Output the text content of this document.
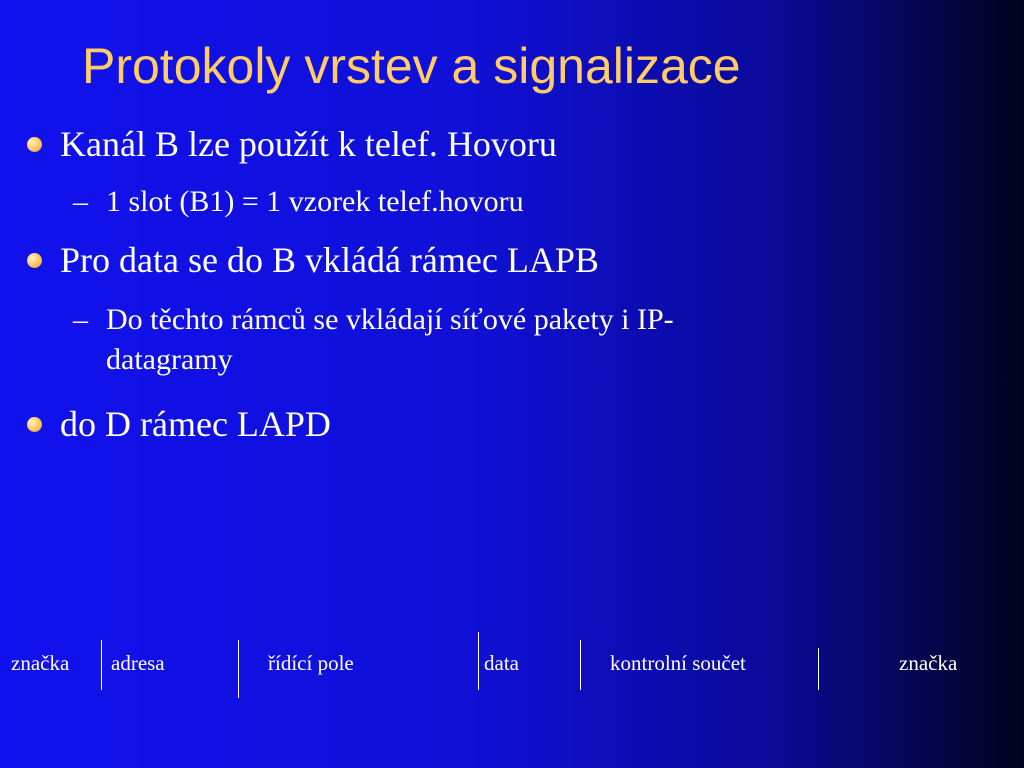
Protokoly vrstev a signalizace
Kanál B lze použít k telef. Hovoru
– 1 slot (B1) = 1 vzorek telef.hovoru
Pro data se do B vkládá rámec LAPB
– Do těchto rámců se vkládají síťové pakety i IP-
datagramy
do D rámec LAPD
značka adresa	řídící pole	data	kontrolní součet	značka
